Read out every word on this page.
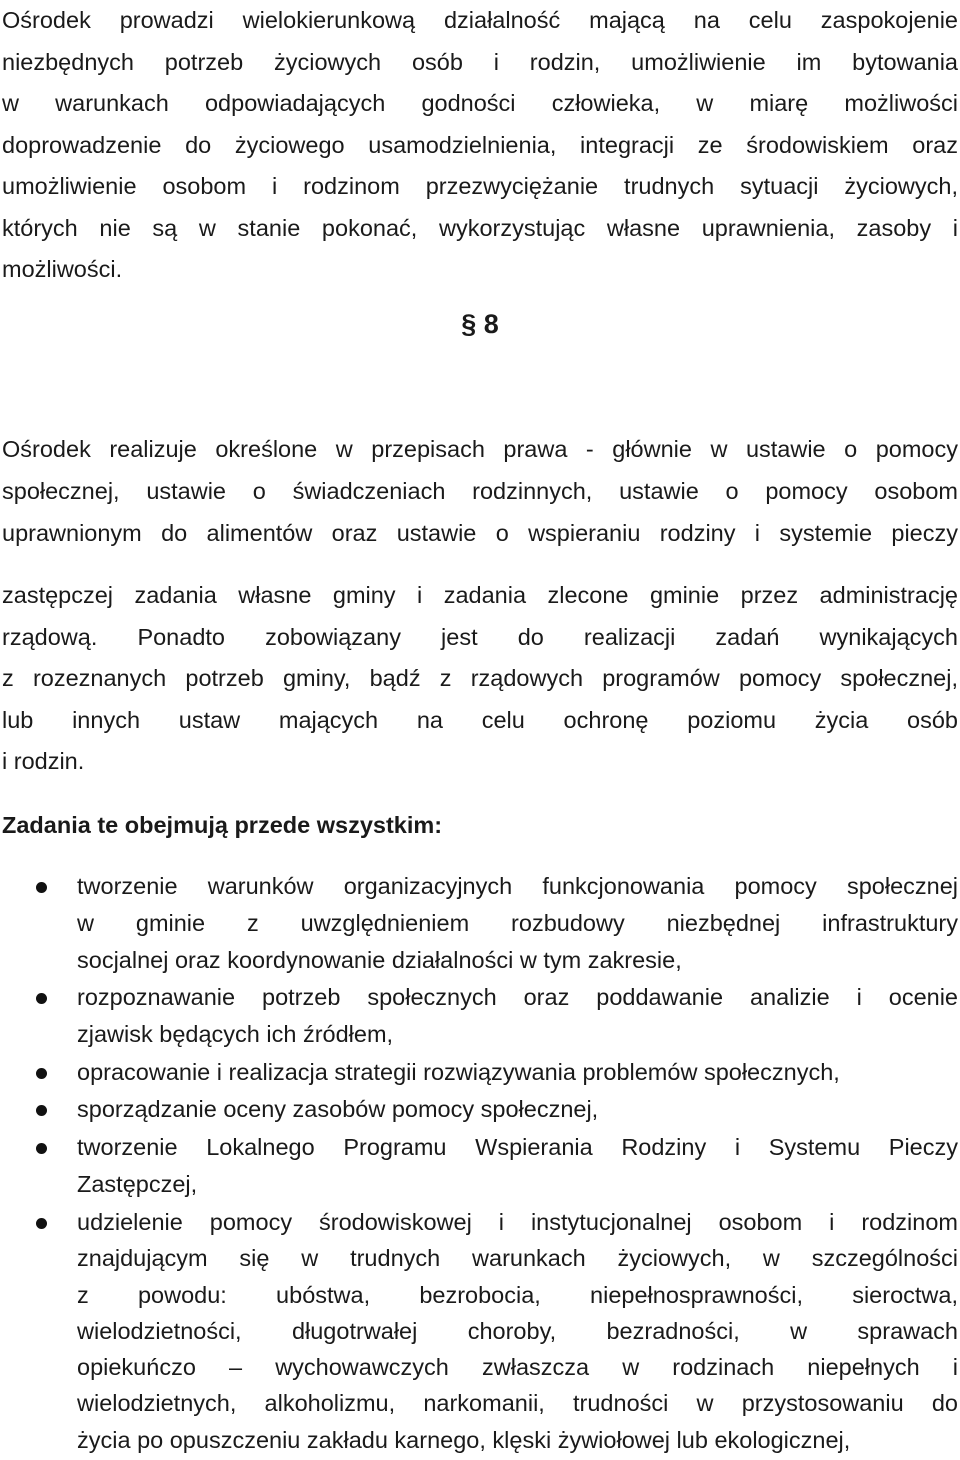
Ośrodek prowadzi wielokierunkową działalność mającą na celu zaspokojenie
niezbędnych potrzeb życiowych osób i rodzin, umożliwienie im bytowania
w warunkach odpowiadających godności człowieka, w miarę możliwości
doprowadzenie do życiowego usamodzielnienia, integracji ze środowiskiem oraz
umożliwienie osobom i rodzinom przezwyciężanie trudnych sytuacji życiowych,
których nie są w stanie pokonać, wykorzystując własne uprawnienia, zasoby i
możliwości.
§ 8
Ośrodek realizuje określone w przepisach prawa - głównie w ustawie o pomocy
społecznej, ustawie o świadczeniach rodzinnych, ustawie o pomocy osobom
uprawnionym do alimentów oraz ustawie o wspieraniu rodziny i systemie pieczy
zastępczej zadania własne gminy i zadania zlecone gminie przez administrację
rządową. Ponadto zobowiązany jest do realizacji zadań wynikających
z rozeznanych potrzeb gminy, bądź z rządowych programów pomocy społecznej,
lub innych ustaw mających na celu ochronę poziomu życia osób
i rodzin.
Zadania te obejmują przede wszystkim:
tworzenie warunków organizacyjnych funkcjonowania pomocy społecznej
w gminie z uwzględnieniem rozbudowy niezbędnej infrastruktury
socjalnej oraz koordynowanie działalności w tym zakresie,
rozpoznawanie potrzeb społecznych oraz poddawanie analizie i ocenie
zjawisk będących ich źródłem,
opracowanie i realizacja strategii rozwiązywania problemów społecznych,
sporządzanie oceny zasobów pomocy społecznej,
tworzenie Lokalnego Programu Wspierania Rodziny i Systemu Pieczy
Zastępczej,
udzielenie pomocy środowiskowej i instytucjonalnej osobom i rodzinom
znajdującym się w trudnych warunkach życiowych, w szczególności
z powodu: ubóstwa, bezrobocia, niepełnosprawności, sieroctwa,
wielodzietności, długotrwałej choroby, bezradności, w sprawach
opiekuńczo – wychowawczych zwłaszcza w rodzinach niepełnych i
wielodzietnych, alkoholizmu, narkomanii, trudności w przystosowaniu do
życia po opuszczeniu zakładu karnego, klęski żywiołowej lub ekologicznej,
